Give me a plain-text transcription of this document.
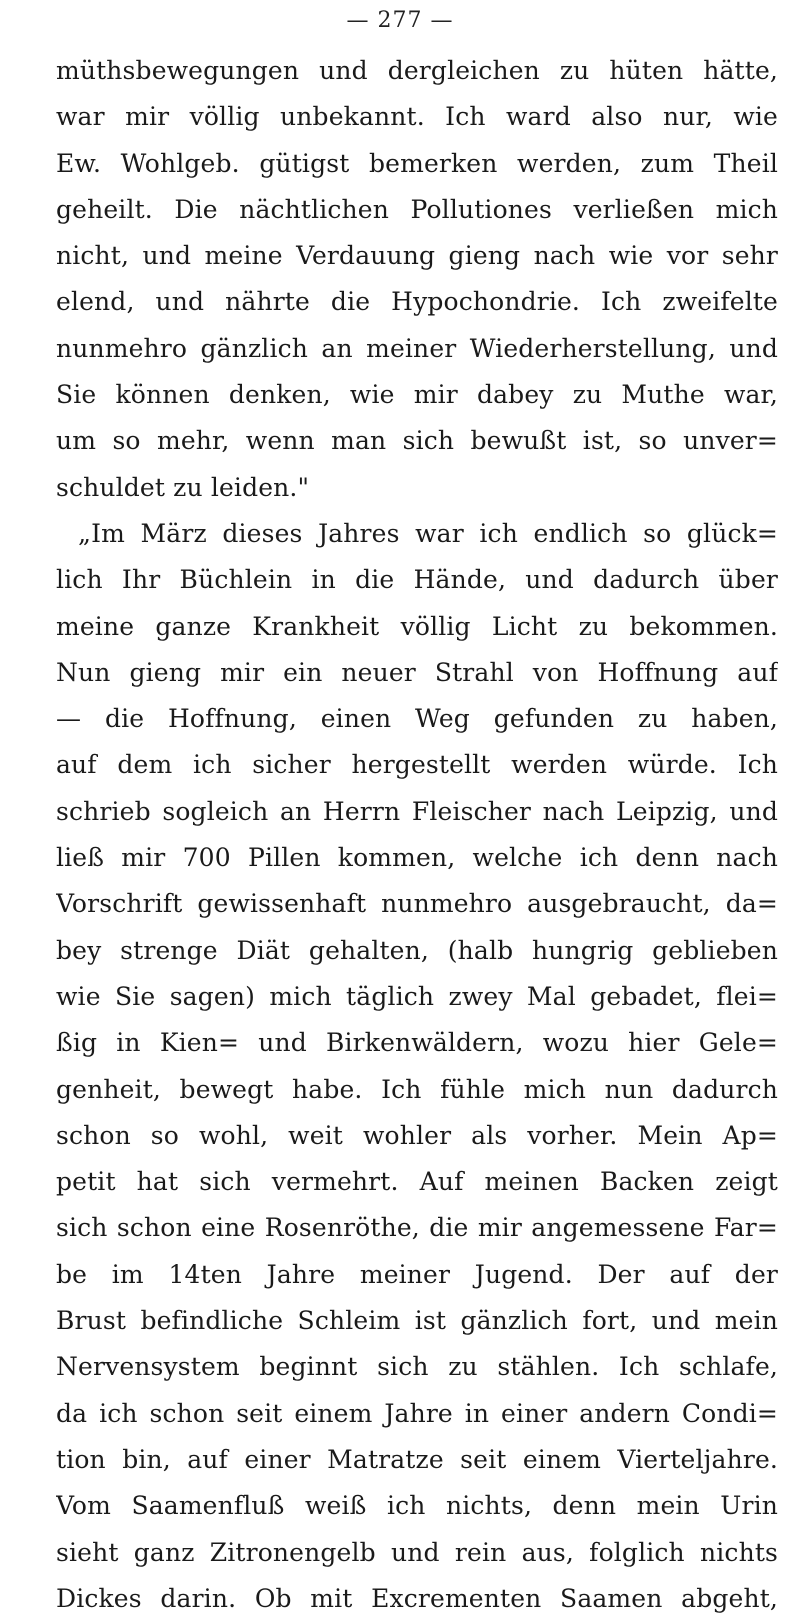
— 277 —
müthsbewegungen und dergleichen zu hüten hätte,
war mir völlig unbekannt. Ich ward also nur, wie
Ew. Wohlgeb. gütigst bemerken werden, zum Theil
geheilt. Die nächtlichen Pollutiones verließen mich
nicht, und meine Verdauung gieng nach wie vor sehr
elend, und nährte die Hypochondrie. Ich zweifelte
nunmehro gänzlich an meiner Wiederherstellung, und
Sie können denken, wie mir dabey zu Muthe war,
um so mehr, wenn man sich bewußt ist, so unver=
schuldet zu leiden."
„Im März dieses Jahres war ich endlich so glück=
lich Ihr Büchlein in die Hände, und dadurch über
meine ganze Krankheit völlig Licht zu bekommen.
Nun gieng mir ein neuer Strahl von Hoffnung auf
— die Hoffnung, einen Weg gefunden zu haben,
auf dem ich sicher hergestellt werden würde. Ich
schrieb sogleich an Herrn Fleischer nach Leipzig, und
ließ mir 700 Pillen kommen, welche ich denn nach
Vorschrift gewissenhaft nunmehro ausgebraucht, da=
bey strenge Diät gehalten, (halb hungrig geblieben
wie Sie sagen) mich täglich zwey Mal gebadet, flei=
ßig in Kien= und Birkenwäldern, wozu hier Gele=
genheit, bewegt habe. Ich fühle mich nun dadurch
schon so wohl, weit wohler als vorher. Mein Ap=
petit hat sich vermehrt. Auf meinen Backen zeigt
sich schon eine Rosenröthe, die mir angemessene Far=
be im 14ten Jahre meiner Jugend. Der auf der
Brust befindliche Schleim ist gänzlich fort, und mein
Nervensystem beginnt sich zu stählen. Ich schlafe,
da ich schon seit einem Jahre in einer andern Condi=
tion bin, auf einer Matratze seit einem Vierteljahre.
Vom Saamenfluß weiß ich nichts, denn mein Urin
sieht ganz Zitronengelb und rein aus, folglich nichts
Dickes darin. Ob mit Excrementen Saamen abgeht,
